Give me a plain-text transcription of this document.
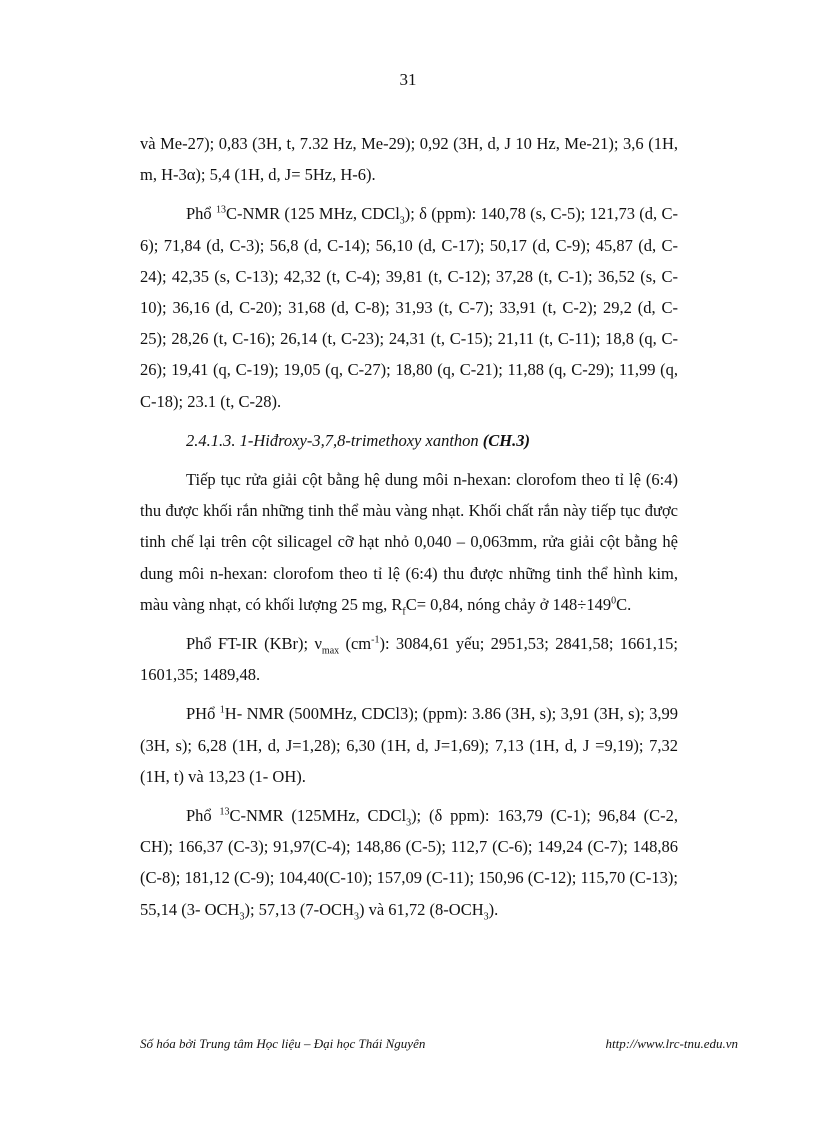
31

và Me-27); 0,83 (3H, t, 7.32 Hz, Me-29); 0,92 (3H, d, J 10 Hz, Me-21); 3,6 (1H, m, H-3α); 5,4 (1H, d, J= 5Hz, H-6).

Phổ $^{13}$C-NMR (125 MHz, CDCl$_3$); δ (ppm): 140,78 (s, C-5); 121,73 (d, C-6); 71,84 (d, C-3); 56,8 (d, C-14); 56,10 (d, C-17); 50,17 (d, C-9); 45,87 (d, C-24); 42,35 (s, C-13); 42,32 (t, C-4); 39,81 (t, C-12); 37,28 (t, C-1); 36,52 (s, C-10); 36,16 (d, C-20); 31,68 (d, C-8); 31,93 (t, C-7); 33,91 (t, C-2); 29,2 (d, C-25); 28,26 (t, C-16); 26,14 (t, C-23); 24,31 (t, C-15); 21,11 (t, C-11); 18,8 (q, C-26); 19,41 (q, C-19); 19,05 (q, C-27); 18,80 (q, C-21); 11,88 (q, C-29); 11,99 (q, C-18); 23.1 (t, C-28).

2.4.1.3. 1-Hiđroxy-3,7,8-trimethoxy xanthon (CH.3)

Tiếp tục rửa giải cột bằng hệ dung môi n-hexan: clorofom theo tỉ lệ (6:4) thu được khối rắn những tinh thể màu vàng nhạt. Khối chất rắn này tiếp tục được tinh chế lại trên cột silicagel cỡ hạt nhỏ 0,040 – 0,063mm, rửa giải cột bằng hệ dung môi n-hexan: clorofom theo tỉ lệ (6:4) thu được những tinh thể hình kim, màu vàng nhạt, có khối lượng 25 mg, $R_fC= 0,84$, nóng chảy ở $148\div 149^0C$.

Phổ FT-IR (KBr); $\nu_{max}$ $(cm^{-1})$: 3084,61 yếu; 2951,53; 2841,58; 1661,15; 1601,35; 1489,48.

PHổ $^1$H- NMR (500MHz, CDCl3); (ppm): 3.86 (3H, s); 3,91 (3H, s); 3,99 (3H, s); 6,28 (1H, d, J=1,28); 6,30 (1H, d, J=1,69); 7,13 (1H, d, J =9,19); 7,32 (1H, t) và 13,23 (1- OH).

Phổ $^{13}$C-NMR (125MHz, CDCl$_3$); (δ ppm): 163,79 (C-1); 96,84 (C-2, CH); 166,37 (C-3); 91,97(C-4); 148,86 (C-5); 112,7 (C-6); 149,24 (C-7); 148,86 (C-8); 181,12 (C-9); 104,40(C-10); 157,09 (C-11); 150,96 (C-12); 115,70 (C-13); 55,14 (3- $OCH_3$); 57,13 $(7-OCH_3)$ và 61,72 $(8-OCH_3)$.

Số hóa bởi Trung tâm Học liệu – Đại học Thái Nguyên	http://www.lrc-tnu.edu.vn
